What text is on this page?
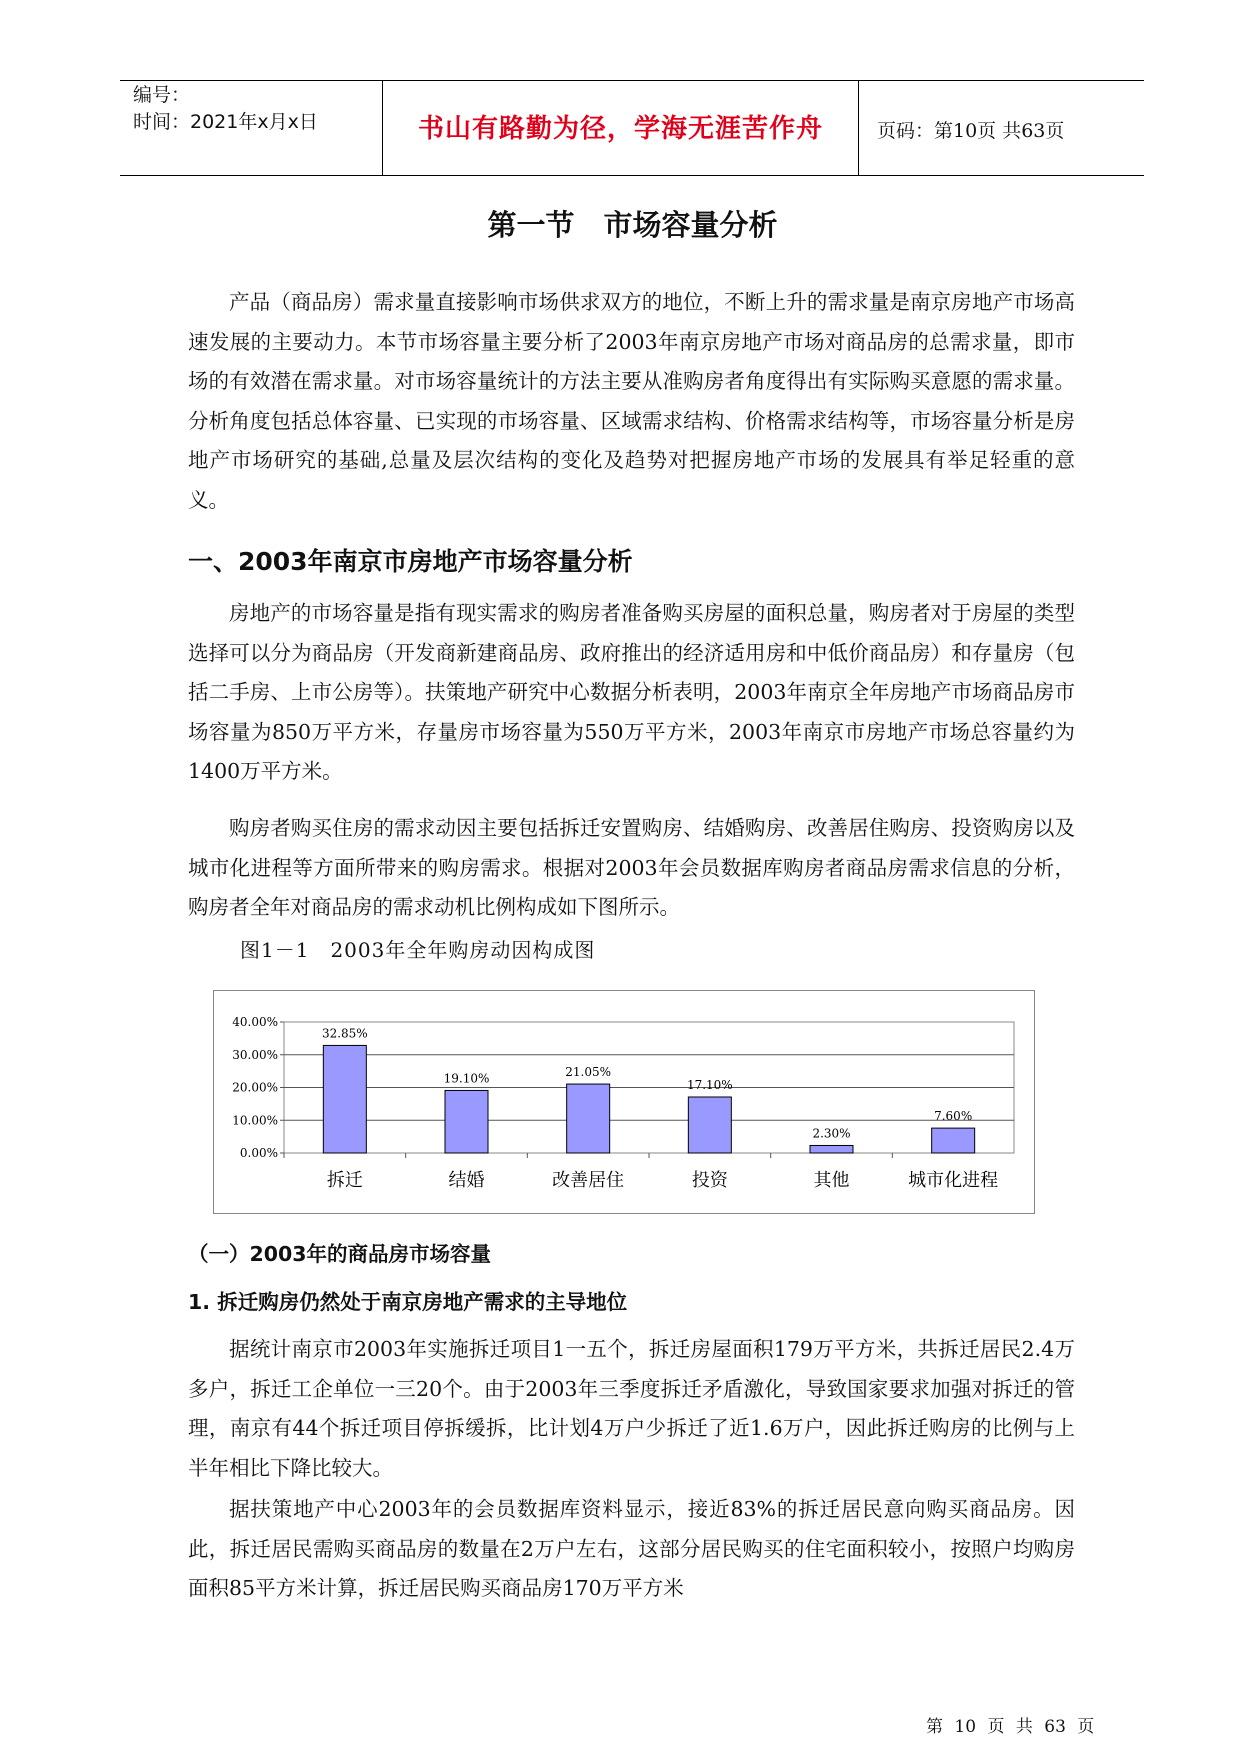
编号：
时间：2021年x月x日	书山有路勤为径，学海无涯苦作舟	页码：第10页 共63页
第一节　市场容量分析

产品（商品房）需求量直接影响市场供求双方的地位，不断上升的需求量是南京房地产市场高速发展的主要动力。本节市场容量主要分析了2003年南京房地产市场对商品房的总需求量，即市场的有效潜在需求量。对市场容量统计的方法主要从准购房者角度得出有实际购买意愿的需求量。分析角度包括总体容量、已实现的市场容量、区域需求结构、价格需求结构等，市场容量分析是房地产市场研究的基础,总量及层次结构的变化及趋势对把握房地产市场的发展具有举足轻重的意义。

一、2003年南京市房地产市场容量分析

房地产的市场容量是指有现实需求的购房者准备购买房屋的面积总量，购房者对于房屋的类型选择可以分为商品房（开发商新建商品房、政府推出的经济适用房和中低价商品房）和存量房（包括二手房、上市公房等）。扶策地产研究中心数据分析表明，2003年南京全年房地产市场商品房市场容量为850万平方米，存量房市场容量为550万平方米，2003年南京市房地产市场总容量约为1400万平方米。

购房者购买住房的需求动因主要包括拆迁安置购房、结婚购房、改善居住购房、投资购房以及城市化进程等方面所带来的购房需求。根据对2003年会员数据库购房者商品房需求信息的分析，购房者全年对商品房的需求动机比例构成如下图所示。

图1－1　2003年全年购房动因构成图
0.00%
10.00%
20.00%
30.00%
40.00%
32.85%
拆迁
19.10%
结婚
21.05%
改善居住
17.10%
投资
2.30%
其他
7.60%
城市化进程
（一）2003年的商品房市场容量
1. 拆迁购房仍然处于南京房地产需求的主导地位

据统计南京市2003年实施拆迁项目1一五个，拆迁房屋面积179万平方米，共拆迁居民2.4万多户，拆迁工企单位一三20个。由于2003年三季度拆迁矛盾激化，导致国家要求加强对拆迁的管理，南京有44个拆迁项目停拆缓拆，比计划4万户少拆迁了近1.6万户，因此拆迁购房的比例与上半年相比下降比较大。

据扶策地产中心2003年的会员数据库资料显示，接近83%的拆迁居民意向购买商品房。因此，拆迁居民需购买商品房的数量在2万户左右，这部分居民购买的住宅面积较小，按照户均购房面积85平方米计算，拆迁居民购买商品房170万平方米

第 10 页 共 63 页
